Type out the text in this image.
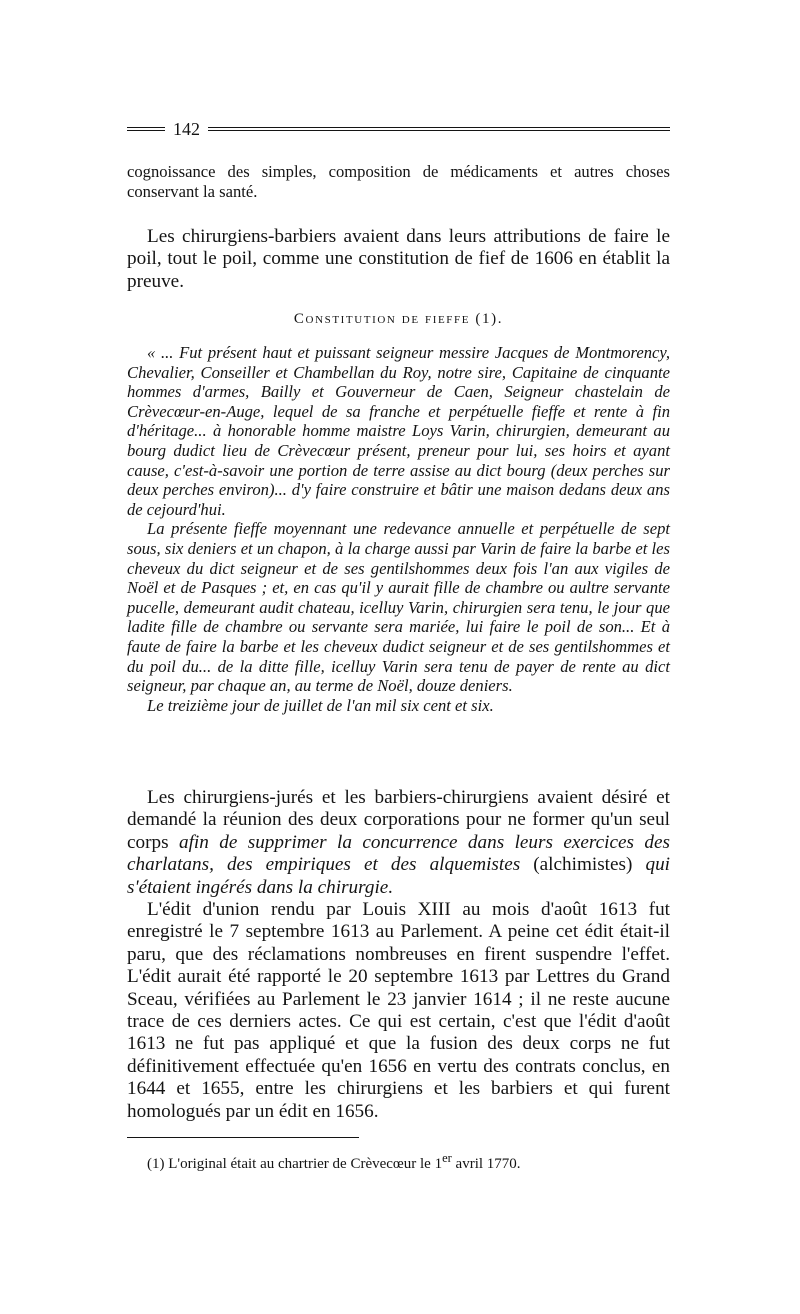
142

cognoissance des simples, composition de médicaments et autres choses conservant la santé.

Les chirurgiens-barbiers avaient dans leurs attributions de faire le poil, tout le poil, comme une constitution de fief de 1606 en établit la preuve.

Constitution de fieffe (1).

« ... Fut présent haut et puissant seigneur messire Jacques de Montmorency, Chevalier, Conseiller et Chambellan du Roy, notre sire, Capitaine de cinquante hommes d'armes, Bailly et Gouverneur de Caen, Seigneur chastelain de Crèvecœur-en-Auge, lequel de sa franche et perpétuelle fieffe et rente à fin d'héritage... à honorable homme maistre Loys Varin, chirurgien, demeurant au bourg dudict lieu de Crèvecœur présent, preneur pour lui, ses hoirs et ayant cause, c'est-à-savoir une portion de terre assise au dict bourg (deux perches sur deux perches environ)... d'y faire construire et bâtir une maison dedans deux ans de cejourd'hui.

La présente fieffe moyennant une redevance annuelle et perpétuelle de sept sous, six deniers et un chapon, à la charge aussi par Varin de faire la barbe et les cheveux du dict seigneur et de ses gentilshommes deux fois l'an aux vigiles de Noël et de Pasques ; et, en cas qu'il y aurait fille de chambre ou aultre servante pucelle, demeurant audit chateau, icelluy Varin, chirurgien sera tenu, le jour que ladite fille de chambre ou servante sera mariée, lui faire le poil de son... Et à faute de faire la barbe et les cheveux dudict seigneur et de ses gentilshommes et du poil du... de la ditte fille, icelluy Varin sera tenu de payer de rente au dict seigneur, par chaque an, au terme de Noël, douze deniers.

Le treizième jour de juillet de l'an mil six cent et six.

Les chirurgiens-jurés et les barbiers-chirurgiens avaient désiré et demandé la réunion des deux corporations pour ne former qu'un seul corps afin de supprimer la concurrence dans leurs exercices des charlatans, des empiriques et des alquemistes (alchimistes) qui s'étaient ingérés dans la chirurgie.

L'édit d'union rendu par Louis XIII au mois d'août 1613 fut enregistré le 7 septembre 1613 au Parlement. A peine cet édit était-il paru, que des réclamations nombreuses en firent suspendre l'effet. L'édit aurait été rapporté le 20 septembre 1613 par Lettres du Grand Sceau, vérifiées au Parlement le 23 janvier 1614 ; il ne reste aucune trace de ces derniers actes. Ce qui est certain, c'est que l'édit d'août 1613 ne fut pas appliqué et que la fusion des deux corps ne fut définitivement effectuée qu'en 1656 en vertu des contrats conclus, en 1644 et 1655, entre les chirurgiens et les barbiers et qui furent homologués par un édit en 1656.

(1) L'original était au chartrier de Crèvecœur le 1er avril 1770.
